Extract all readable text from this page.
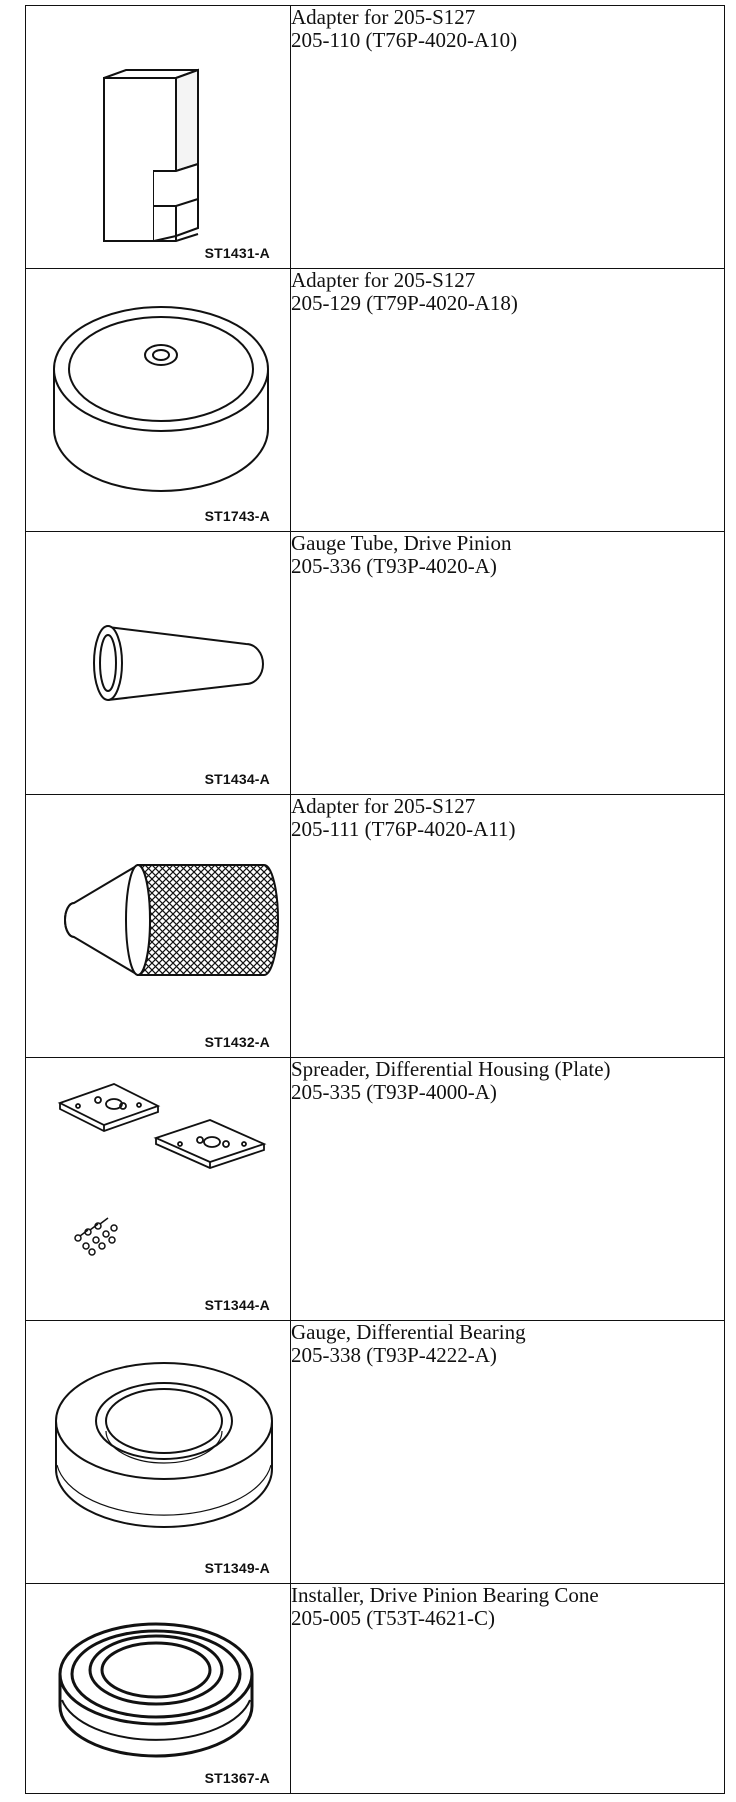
ST1431-A	Adapter for 205-S127
205-110 (T76P-4020-A10)

ST1743-A	Adapter for 205-S127
205-129 (T79P-4020-A18)

ST1434-A	Gauge Tube, Drive Pinion
205-336 (T93P-4020-A)

ST1432-A	Adapter for 205-S127
205-111 (T76P-4020-A11)

ST1344-A	Spreader, Differential Housing (Plate)
205-335 (T93P-4000-A)

ST1349-A	Gauge, Differential Bearing
205-338 (T93P-4222-A)

ST1367-A	Installer, Drive Pinion Bearing Cone
205-005 (T53T-4621-C)
